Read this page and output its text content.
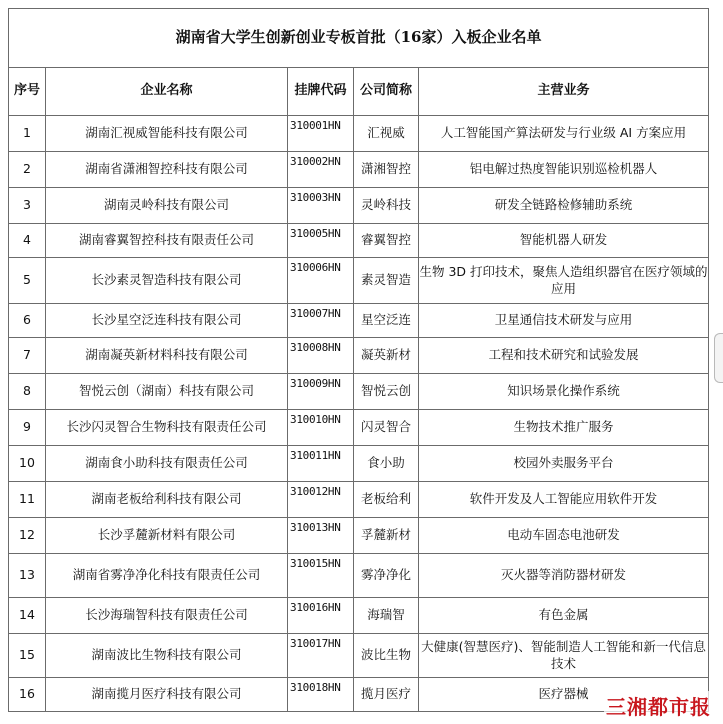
湖南省大学生创新创业专板首批（16家）入板企业名单				
序号	企业名称	挂牌代码	公司简称	主营业务
1	湖南汇视威智能科技有限公司	310001HN	汇视威	人工智能国产算法研发与行业级 AI 方案应用
2	湖南省潇湘智控科技有限公司	310002HN	潇湘智控	铝电解过热度智能识别巡检机器人
3	湖南灵岭科技有限公司	310003HN	灵岭科技	研发全链路检修辅助系统
4	湖南睿翼智控科技有限责任公司	310005HN	睿翼智控	智能机器人研发
5	长沙素灵智造科技有限公司	310006HN	素灵智造	生物 3D 打印技术，聚焦人造组织器官在医疗领域的应用
6	长沙星空泛连科技有限公司	310007HN	星空泛连	卫星通信技术研发与应用
7	湖南凝英新材料科技有限公司	310008HN	凝英新材	工程和技术研究和试验发展
8	智悦云创（湖南）科技有限公司	310009HN	智悦云创	知识场景化操作系统
9	长沙闪灵智合生物科技有限责任公司	310010HN	闪灵智合	生物技术推广服务
10	湖南食小助科技有限责任公司	310011HN	食小助	校园外卖服务平台
11	湖南老板给利科技有限公司	310012HN	老板给利	软件开发及人工智能应用软件开发
12	长沙孚麓新材料有限公司	310013HN	孚麓新材	电动车固态电池研发
13	湖南省雾净净化科技有限责任公司	310015HN	雾净净化	灭火器等消防器材研发
14	长沙海瑞智科技有限责任公司	310016HN	海瑞智	有色金属
15	湖南波比生物科技有限公司	310017HN	波比生物	大健康(智慧医疗)、智能制造人工智能和新一代信息技术
16	湖南揽月医疗科技有限公司	310018HN	揽月医疗	医疗器械
三湘都市报
